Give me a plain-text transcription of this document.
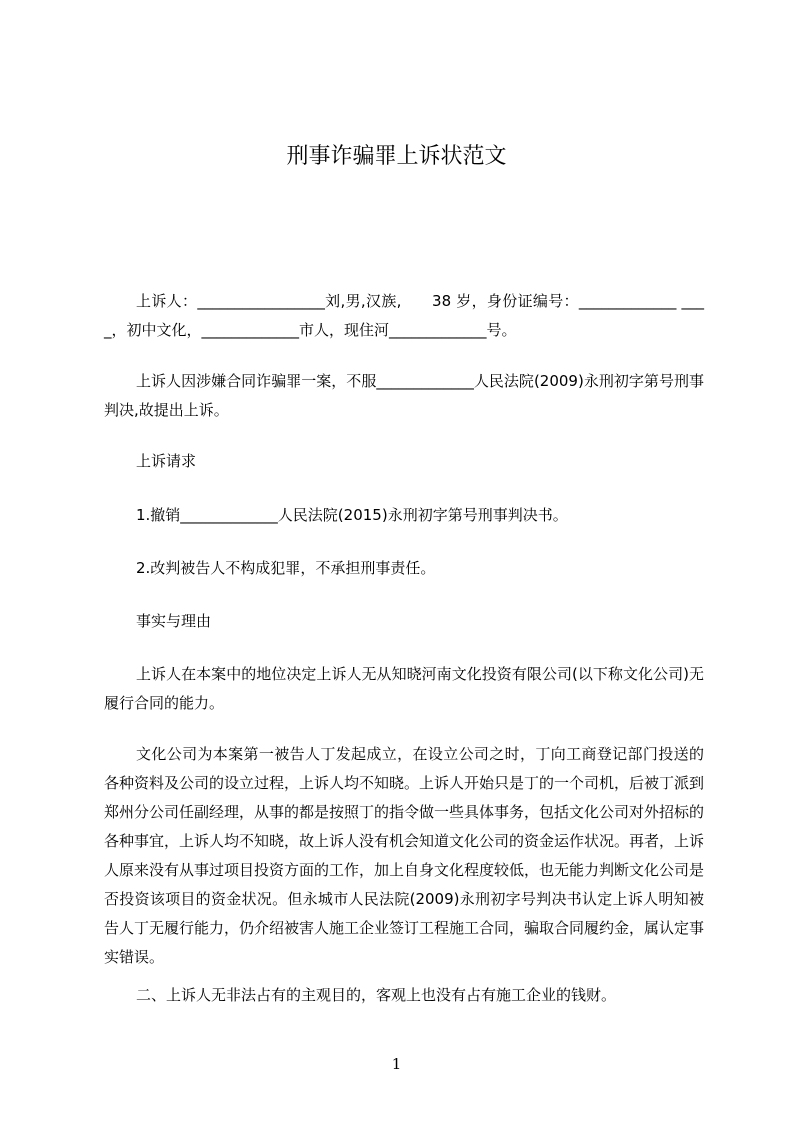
刑事诈骗罪上诉状范文

上诉人：_________________刘,男,汉族,      38 岁，身份证编号：_____________ ____，初中文化，_____________市人，现住河_____________号。

上诉人因涉嫌合同诈骗罪一案，不服_____________人民法院(2009)永刑初字第号刑事判决,故提出上诉。

上诉请求

1.撤销_____________人民法院(2015)永刑初字第号刑事判决书。

2.改判被告人不构成犯罪，不承担刑事责任。

事实与理由

上诉人在本案中的地位决定上诉人无从知晓河南文化投资有限公司(以下称文化公司)无履行合同的能力。

文化公司为本案第一被告人丁发起成立，在设立公司之时，丁向工商登记部门投送的各种资料及公司的设立过程，上诉人均不知晓。上诉人开始只是丁的一个司机，后被丁派到郑州分公司任副经理，从事的都是按照丁的指令做一些具体事务，包括文化公司对外招标的各种事宜，上诉人均不知晓，故上诉人没有机会知道文化公司的资金运作状况。再者，上诉人原来没有从事过项目投资方面的工作，加上自身文化程度较低，也无能力判断文化公司是否投资该项目的资金状况。但永城市人民法院(2009)永刑初字号判决书认定上诉人明知被告人丁无履行能力，仍介绍被害人施工企业签订工程施工合同，骗取合同履约金，属认定事实错误。

二、上诉人无非法占有的主观目的，客观上也没有占有施工企业的钱财。

1
